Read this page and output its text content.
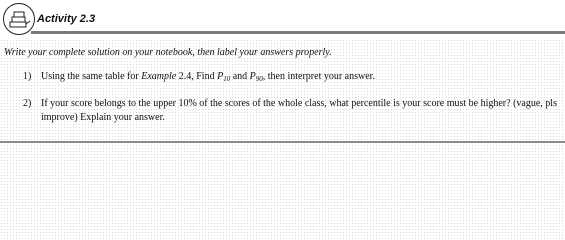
Activity 2.3
Write your complete solution on your notebook, then label your answers properly.
1) Using the same table for Example 2.4, Find $P_{10}$ and $P_{90}$, then interpret your answer.
2) If your score belongs to the upper 10% of the scores of the whole class, what percentile is your score must be higher? (vague, pls improve) Explain your answer.
